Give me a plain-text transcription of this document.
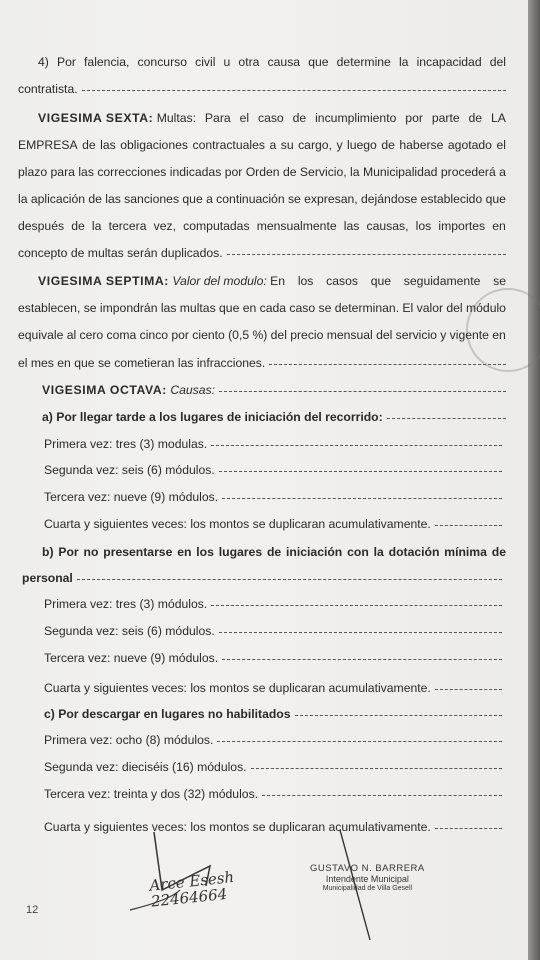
4) Por falencia, concurso civil u otra causa que determine la incapacidad del
contratista.
VIGESIMA SEXTA:
Multas: Para el caso de incumplimiento por parte de LA
EMPRESA de las obligaciones contractuales a su cargo, y luego de haberse agotado el
plazo para las correcciones indicadas por Orden de Servicio, la Municipalidad procederá a
la aplicación de las sanciones que a continuación se expresan, dejándose establecido que
después de la tercera vez, computadas mensualmente las causas, los importes en
concepto de multas serán duplicados.
VIGESIMA SEPTIMA:
Valor del modulo:
En los casos que seguidamente se
establecen, se impondrán las multas que en cada caso se determinan. El valor del módulo
equivale al cero coma cinco por ciento (0,5 %) del precio mensual del servicio y vigente en
el mes en que se cometieran las infracciones.
VIGESIMA OCTAVA:
Causas:
a) Por llegar tarde a los lugares de iniciación del recorrido:
Primera vez: tres (3) modulas.
Segunda vez: seis (6) módulos.
Tercera vez: nueve (9) módulos.
Cuarta y siguientes veces: los montos se duplicaran acumulativamente.
b) Por no presentarse en los lugares de iniciación con la dotación mínima de
personal
Primera vez: tres (3) módulos.
Segunda vez: seis (6) módulos.
Tercera vez: nueve (9) módulos.
Cuarta y siguientes veces: los montos se duplicaran acumulativamente.
c) Por descargar en lugares no habilitados
Primera vez: ocho (8) módulos.
Segunda vez: dieciséis (16) módulos.
Tercera vez: treinta y dos (32) módulos.
Cuarta y siguientes veces: los montos se duplicaran acumulativamente.
Arce Esesh 22464664
GUSTAVO N. BARRERA
Intendente Municipal
Municipalidad de Villa Gesell
12
